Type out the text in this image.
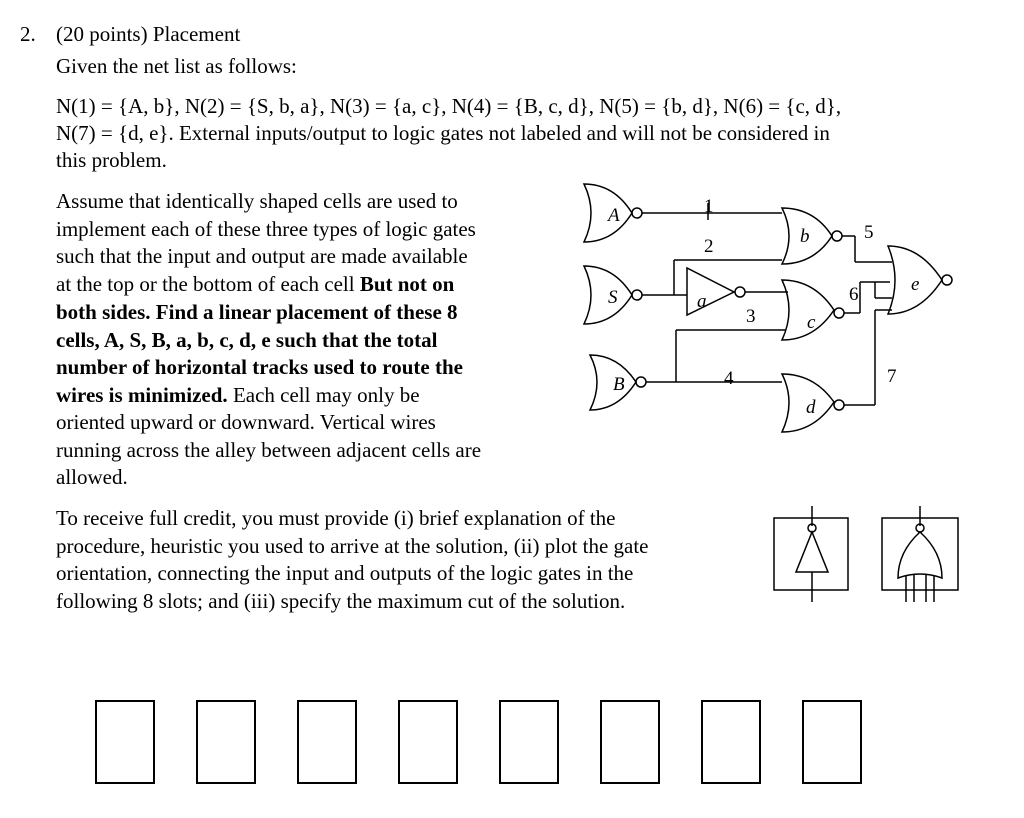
2. (20 points) Placement
Given the net list as follows:
N(1) = {A, b}, N(2) = {S, b, a}, N(3) = {a, c}, N(4) = {B, c, d}, N(5) = {b, d}, N(6) = {c, d},
N(7) = {d, e}. External inputs/output to logic gates not labeled and will not be considered in
this problem.
Assume that identically shaped cells are used to
implement each of these three types of logic gates
such that the input and output are made available
at the top or the bottom of each cell But not on
both sides. Find a linear placement of these 8
cells, A, S, B, a, b, c, d, e such that the total
number of horizontal tracks used to route the
wires is minimized. Each cell may only be
oriented upward or downward. Vertical wires
running across the alley between adjacent cells are
allowed.
To receive full credit, you must provide (i) brief explanation of the
procedure, heuristic you used to arrive at the solution, (ii) plot the gate
orientation, connecting the input and outputs of the logic gates in the
following 8 slots; and (iii) specify the maximum cut of the solution.
A
S
B
b
c
d
e
a
1
2
3
4
5
6
7
